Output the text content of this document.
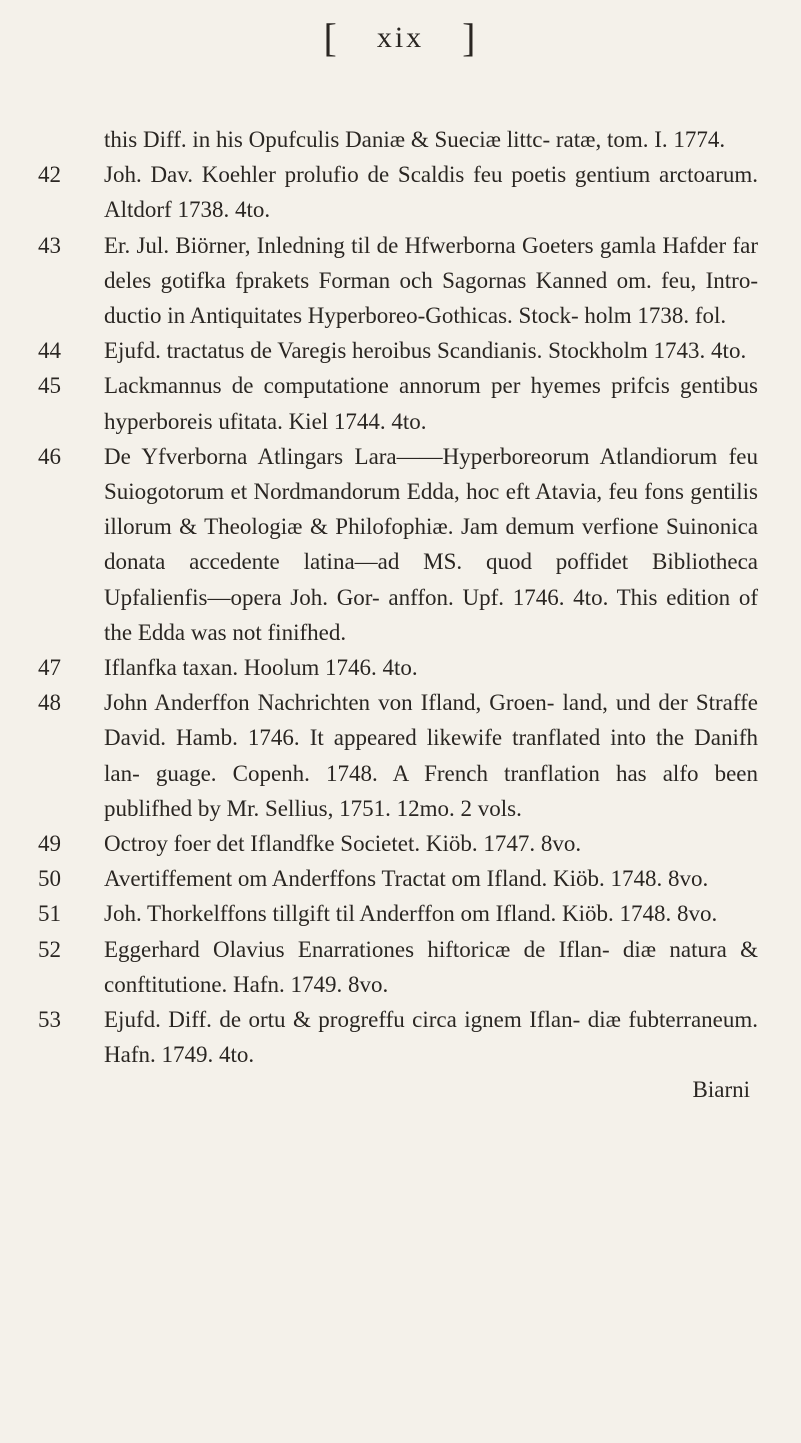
[ xix ]
this Diff. in his Opufculis Daniæ & Sueciæ littc- ratæ, tom. I. 1774.
42	Joh. Dav. Koehler prolufio de Scaldis feu poetis gentium arctoarum. Altdorf 1738. 4to.
43	Er. Jul. Biörner, Inledning til de Hfwerborna Goeters gamla Hafder far deles gotifka fprakets Forman och Sagornas Kanned om. feu, Intro- ductio in Antiquitates Hyperboreo-Gothicas. Stock- holm 1738. fol.
44	Ejufd. tractatus de Varegis heroibus Scandianis. Stockholm 1743. 4to.
45	Lackmannus de computatione annorum per hyemes prifcis gentibus hyperboreis ufitata. Kiel 1744. 4to.
46	De Yfverborna Atlingars Lara——Hyperboreorum Atlandiorum feu Suiogotorum et Nordmandorum Edda, hoc eft Atavia, feu fons gentilis illorum & Theologiæ & Philofophiæ. Jam demum verfione Suinonica donata accedente latina—ad MS. quod poffidet Bibliotheca Upfalienfis—opera Joh. Gor- anffon. Upf. 1746. 4to. This edition of the Edda was not finifhed.
47	Iflanfka taxan. Hoolum 1746. 4to.
48	John Anderffon Nachrichten von Ifland, Groen- land, und der Straffe David. Hamb. 1746. It appeared likewife tranflated into the Danifh lan- guage. Copenh. 1748. A French tranflation has alfo been publifhed by Mr. Sellius, 1751. 12mo. 2 vols.
49	Octroy foer det Iflandfke Societet. Kiöb. 1747. 8vo.
50	Avertiffement om Anderffons Tractat om Ifland. Kiöb. 1748. 8vo.
51	Joh. Thorkelffons tillgift til Anderffon om Ifland. Kiöb. 1748. 8vo.
52	Eggerhard Olavius Enarrationes hiftoricæ de Iflan- diæ natura & conftitutione. Hafn. 1749. 8vo.
53	Ejufd. Diff. de ortu & progreffu circa ignem Iflan- diæ fubterraneum. Hafn. 1749. 4to.
Biarni
